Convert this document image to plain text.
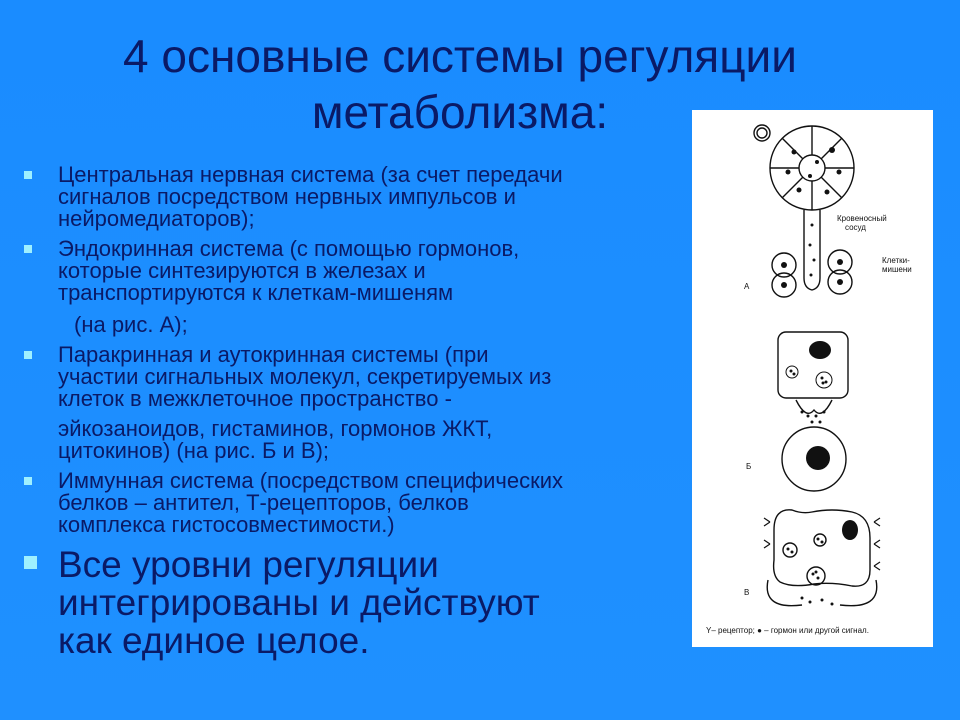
4 основные системы регуляции
метаболизма:
Центральная нервная система (за счет передачи
сигналов посредством нервных импульсов и
нейромедиаторов);
Эндокринная система (с помощью гормонов,
которые синтезируются в железах и
транспортируются к клеткам-мишеням
(на рис. А);
Паракринная и аутокринная системы (при
участии сигнальных молекул, секретируемых из
клеток в межклеточное пространство -
эйкозаноидов, гистаминов, гормонов ЖКТ,
цитокинов) (на рис. Б и В);
Иммунная система (посредством специфических
белков – антител, Т-рецепторов, белков
комплекса гистосовместимости.)
Все уровни регуляции
интегрированы и действуют
как единое целое.
Кровеносный
сосуд
Клетки-
мишени
А
Б
В
Y– рецептор; ● – гормон или другой сигнал.
